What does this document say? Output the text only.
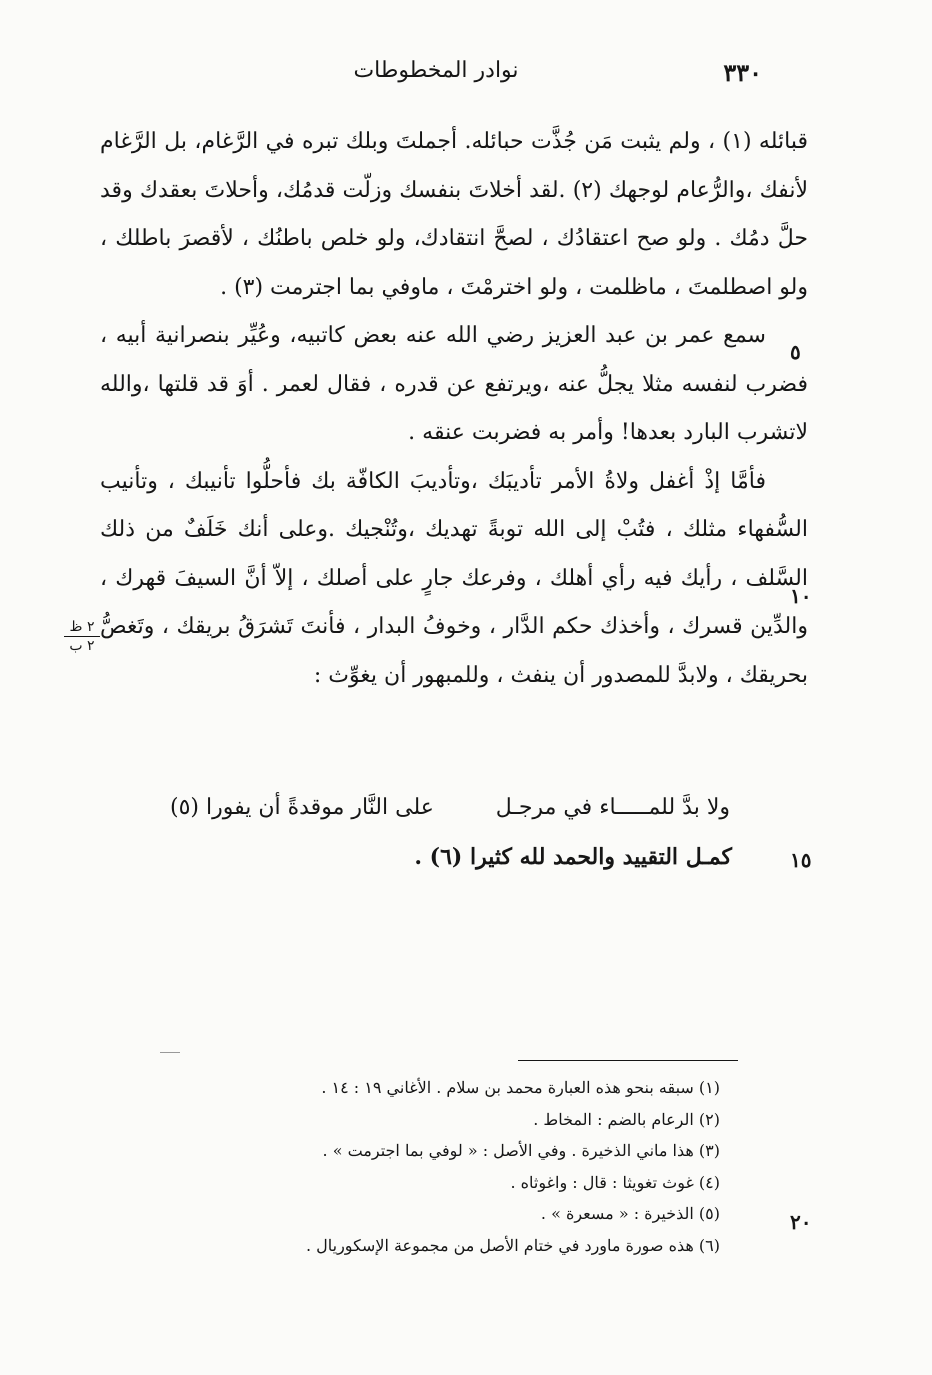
٣٣٠
نوادر المخطوطات

قبائله (١) ، ولم يثبت مَن جُذَّت حبائله. أجملتَ وبلك تبره في الرَّغام، بل الرَّغام لأنفك ،والرُّعام لوجهك (٢) .لقد أخلاتَ بنفسك وزلّت قدمُك، وأحلاتَ بعقدك وقد حلَّ دمُك . ولو صح اعتقادُك ، لصحَّ انتقادك، ولو خلص باطنُك ، لأقصرَ باطلك ، ولو اصطلمتَ ، ماظلمت ، ولو اخترمْتَ ، ماوفي بما اجترمت (٣) .

سمع عمر بن عبد العزيز رضي الله عنه بعض كاتبيه، وعُيِّر بنصرانية أبيه ، فضرب لنفسه مثلا يجلُّ عنه ،ويرتفع عن قدره ، فقال لعمر . أوَ قد قلتها ،والله لاتشرب البارد بعدها! وأمر به فضربت عنقه .

فأمَّا إذْ أغفل ولاةُ الأمر تأديبَك ،وتأديبَ الكافّة بك فأحلُّوا تأنيبك ، وتأنيب السُّفهاء مثلك ، فتُبْ إلى الله توبةً تهديك ،وتُنْجيك .وعلى أنك خَلَفٌ من ذلك السَّلف ، رأيك فيه رأي أهلك ، وفرعك جارٍ على أصلك ، إلاّ أنَّ السيفَ قهرك ، والدِّين قسرك ، وأخذك حكم الدَّار ، وخوفُ البدار ، فأنتَ تَشرَقُ بريقك ، وتَغصُّ بحريقك ، ولابدَّ للمصدور أن ينفث ، وللمبهور أن يغوِّث :

٥
١٠
١٥
٢٠
٢ ظ
٢ ب
ولا بدَّ للمـــــاء في مرجـل
على النَّار موقدةً أن يفورا (٥)
كمـل التقييد والحمد لله كثيرا (٦) .
(١) سبقه بنحو هذه العبارة محمد بن سلام . الأغاني ١٩ : ١٤ .
(٢) الرعام بالضم : المخاط .
(٣) هذا ماني الذخيرة . وفي الأصل : « لوفي بما اجترمت » .
(٤) غوث تغويثا : قال : واغوثاه .
(٥) الذخيرة : « مسعرة » .
(٦) هذه صورة ماورد في ختام الأصل من مجموعة الإسكوريال .
